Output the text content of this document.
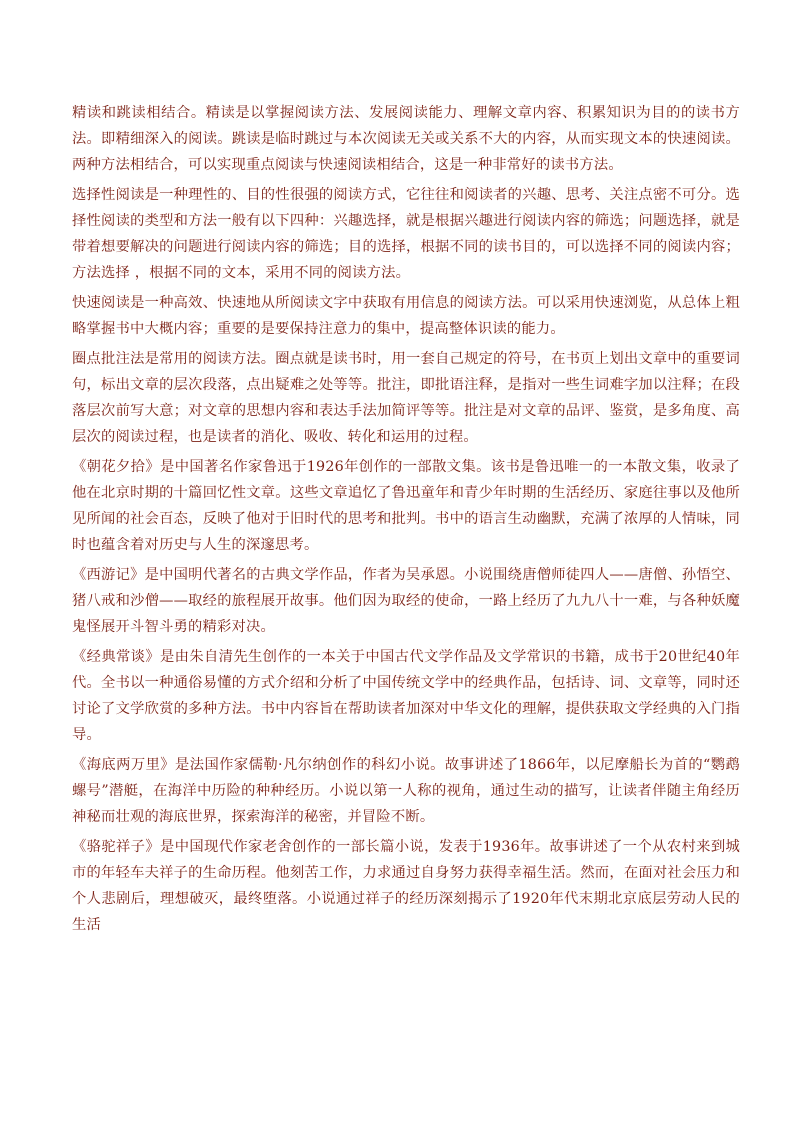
精读和跳读相结合。精读是以掌握阅读方法、发展阅读能力、理解文章内容、积累知识为目的的读书方法。即精细深入的阅读。跳读是临时跳过与本次阅读无关或关系不大的内容，从而实现文本的快速阅读。两种方法相结合，可以实现重点阅读与快速阅读相结合，这是一种非常好的读书方法。

选择性阅读是一种理性的、目的性很强的阅读方式，它往往和阅读者的兴趣、思考、关注点密不可分。选择性阅读的类型和方法一般有以下四种：兴趣选择，就是根据兴趣进行阅读内容的筛选；问题选择，就是带着想要解决的问题进行阅读内容的筛选；目的选择，根据不同的读书目的，可以选择不同的阅读内容；方法选择 ，根据不同的文本，采用不同的阅读方法。

快速阅读是一种高效、快速地从所阅读文字中获取有用信息的阅读方法。可以采用快速浏览，从总体上粗略掌握书中大概内容；重要的是要保持注意力的集中，提高整体识读的能力。

圈点批注法是常用的阅读方法。圈点就是读书时，用一套自己规定的符号，在书页上划出文章中的重要词句，标出文章的层次段落，点出疑难之处等等。批注，即批语注释，是指对一些生词难字加以注释；在段落层次前写大意；对文章的思想内容和表达手法加简评等等。批注是对文章的品评、鉴赏，是多角度、高层次的阅读过程，也是读者的消化、吸收、转化和运用的过程。

《朝花夕拾》是中国著名作家鲁迅于1926年创作的一部散文集。该书是鲁迅唯一的一本散文集，收录了他在北京时期的十篇回忆性文章。这些文章追忆了鲁迅童年和青少年时期的生活经历、家庭往事以及他所见所闻的社会百态，反映了他对于旧时代的思考和批判。书中的语言生动幽默，充满了浓厚的人情味，同时也蕴含着对历史与人生的深邃思考。

《西游记》是中国明代著名的古典文学作品，作者为吴承恩。小说围绕唐僧师徒四人——唐僧、孙悟空、猪八戒和沙僧——取经的旅程展开故事。他们因为取经的使命，一路上经历了九九八十一难，与各种妖魔鬼怪展开斗智斗勇的精彩对决。

《经典常谈》是由朱自清先生创作的一本关于中国古代文学作品及文学常识的书籍，成书于20世纪40年代。全书以一种通俗易懂的方式介绍和分析了中国传统文学中的经典作品，包括诗、词、文章等，同时还讨论了文学欣赏的多种方法。书中内容旨在帮助读者加深对中华文化的理解，提供获取文学经典的入门指导。

《海底两万里》是法国作家儒勒·凡尔纳创作的科幻小说。故事讲述了1866年，以尼摩船长为首的“鹦鹉螺号”潜艇，在海洋中历险的种种经历。小说以第一人称的视角，通过生动的描写，让读者伴随主角经历神秘而壮观的海底世界，探索海洋的秘密，并冒险不断。

《骆驼祥子》是中国现代作家老舍创作的一部长篇小说，发表于1936年。故事讲述了一个从农村来到城市的年轻车夫祥子的生命历程。他刻苦工作，力求通过自身努力获得幸福生活。然而，在面对社会压力和个人悲剧后，理想破灭，最终堕落。小说通过祥子的经历深刻揭示了1920年代末期北京底层劳动人民的生活
